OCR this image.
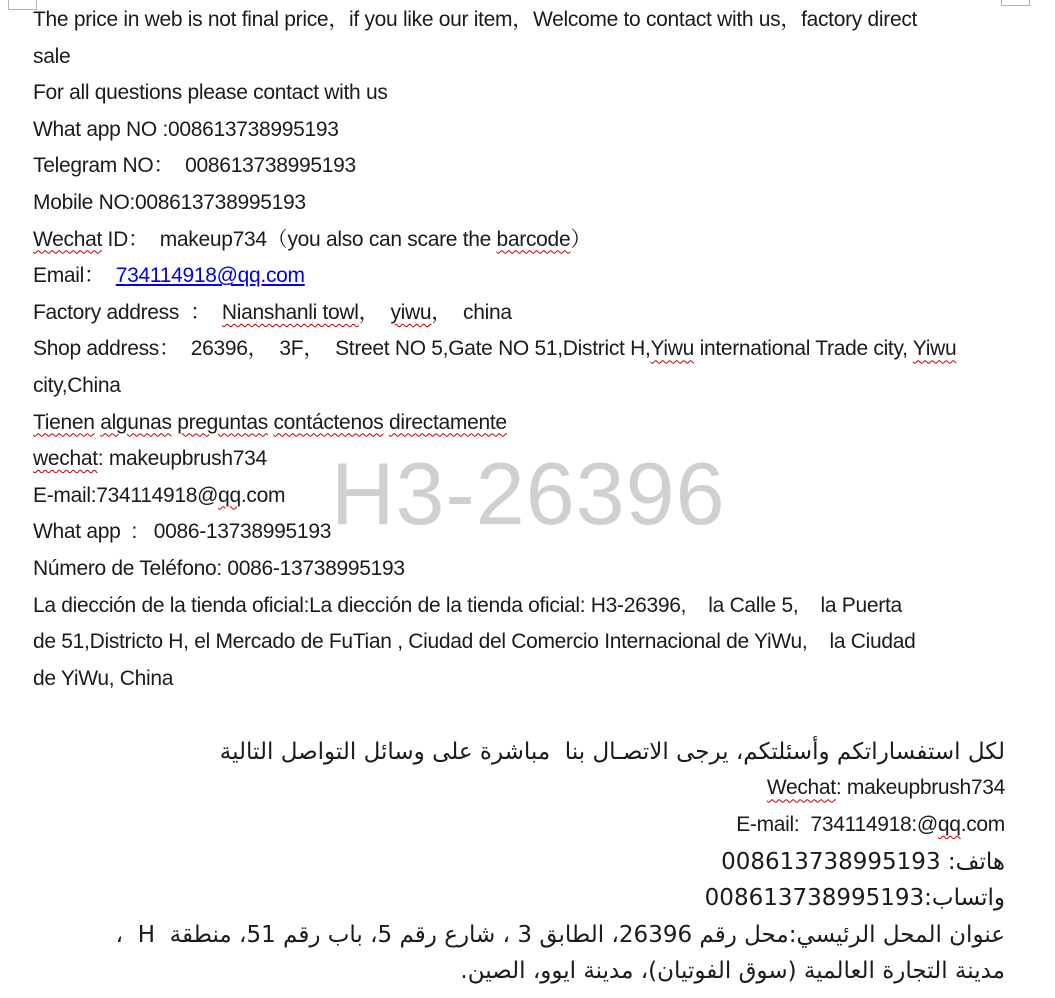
H3-26396
The price in web is not final price，if you like our item，Welcome to contact with us，factory direct
sale
For all questions please contact with us
What app NO :008613738995193
Telegram NO：  008613738995193
Mobile NO:008613738995193
Wechat ID：  makeup734（you also can scare the barcode）
Email：  734114918@qq.com
Factory address  ：  Nianshanli towl，  yiwu，  china
Shop address：  26396，  3F，  Street NO 5,Gate NO 51,District H,Yiwu international Trade city, Yiwu
city,China
Tienen algunas preguntas contáctenos directamente
wechat: makeupbrush734
E-mail:734114918@qq.com
What app  :   0086-13738995193
Número de Teléfono: 0086-13738995193
La diección de la tienda oficial:La diección de la tienda oficial: H3-26396,    la Calle 5,    la Puerta
de 51,Districto H, el Mercado de FuTian , Ciudad del Comercio Internacional de YiWu,    la Ciudad
de YiWu, China
لكل استفساراتكم وأسئلتكم، يرجى الاتصـال بنا  مباشرة على وسائل التواصل التالية
Wechat: makeupbrush734
E-mail:  734114918:@qq.com
هاتف: 008613738995193
واتساب:008613738995193
عنوان المحل الرئيسي:محل رقم 26396، الطابق 3 ، شارع رقم 5، باب رقم 51، منطقة  H  ،
مدينة التجارة العالمية (سوق الفوتيان)، مدينة ايوو، الصين.
